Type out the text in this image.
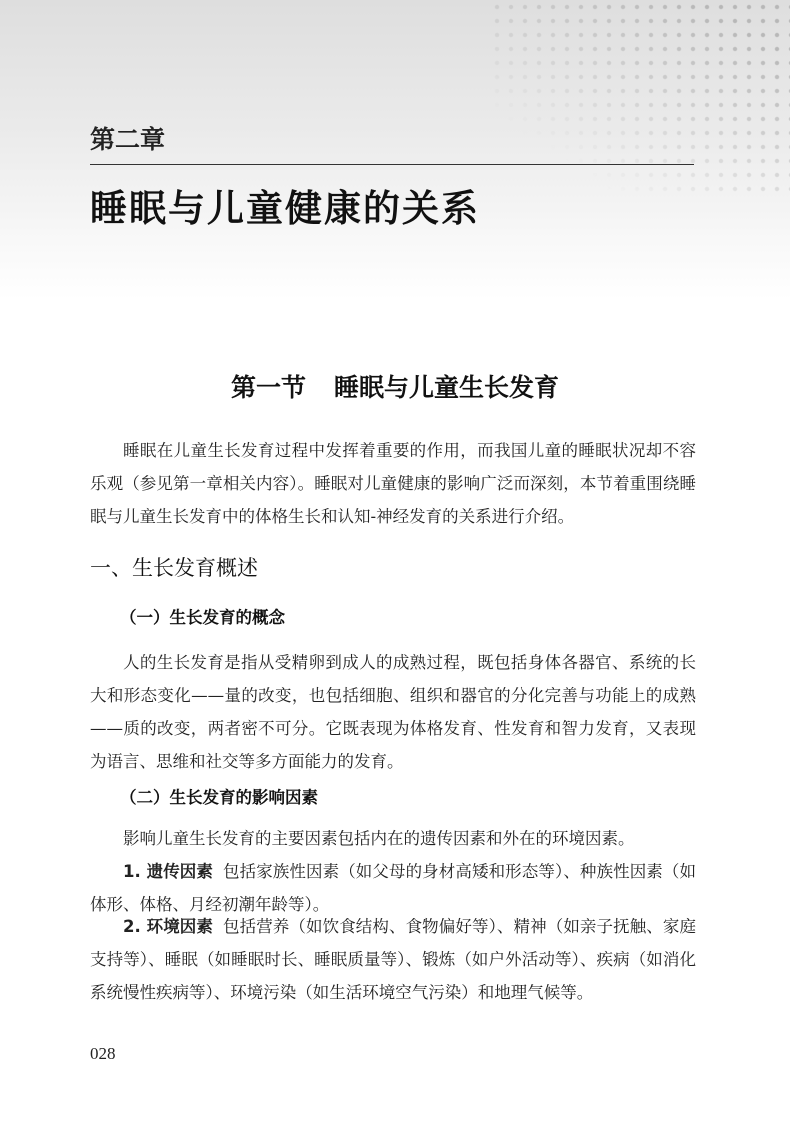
第二章
睡眠与儿童健康的关系
第一节 睡眠与儿童生长发育

睡眠在儿童生长发育过程中发挥着重要的作用，而我国儿童的睡眠状况却不容乐观（参见第一章相关内容）。睡眠对儿童健康的影响广泛而深刻，本节着重围绕睡眠与儿童生长发育中的体格生长和认知-神经发育的关系进行介绍。

一、生长发育概述
（一）生长发育的概念

人的生长发育是指从受精卵到成人的成熟过程，既包括身体各器官、系统的长大和形态变化——量的改变，也包括细胞、组织和器官的分化完善与功能上的成熟——质的改变，两者密不可分。它既表现为体格发育、性发育和智力发育，又表现为语言、思维和社交等多方面能力的发育。

（二）生长发育的影响因素

影响儿童生长发育的主要因素包括内在的遗传因素和外在的环境因素。

1. 遗传因素 包括家族性因素（如父母的身材高矮和形态等）、种族性因素（如体形、体格、月经初潮年龄等）。

2. 环境因素 包括营养（如饮食结构、食物偏好等）、精神（如亲子抚触、家庭支持等）、睡眠（如睡眠时长、睡眠质量等）、锻炼（如户外活动等）、疾病（如消化系统慢性疾病等）、环境污染（如生活环境空气污染）和地理气候等。

028
